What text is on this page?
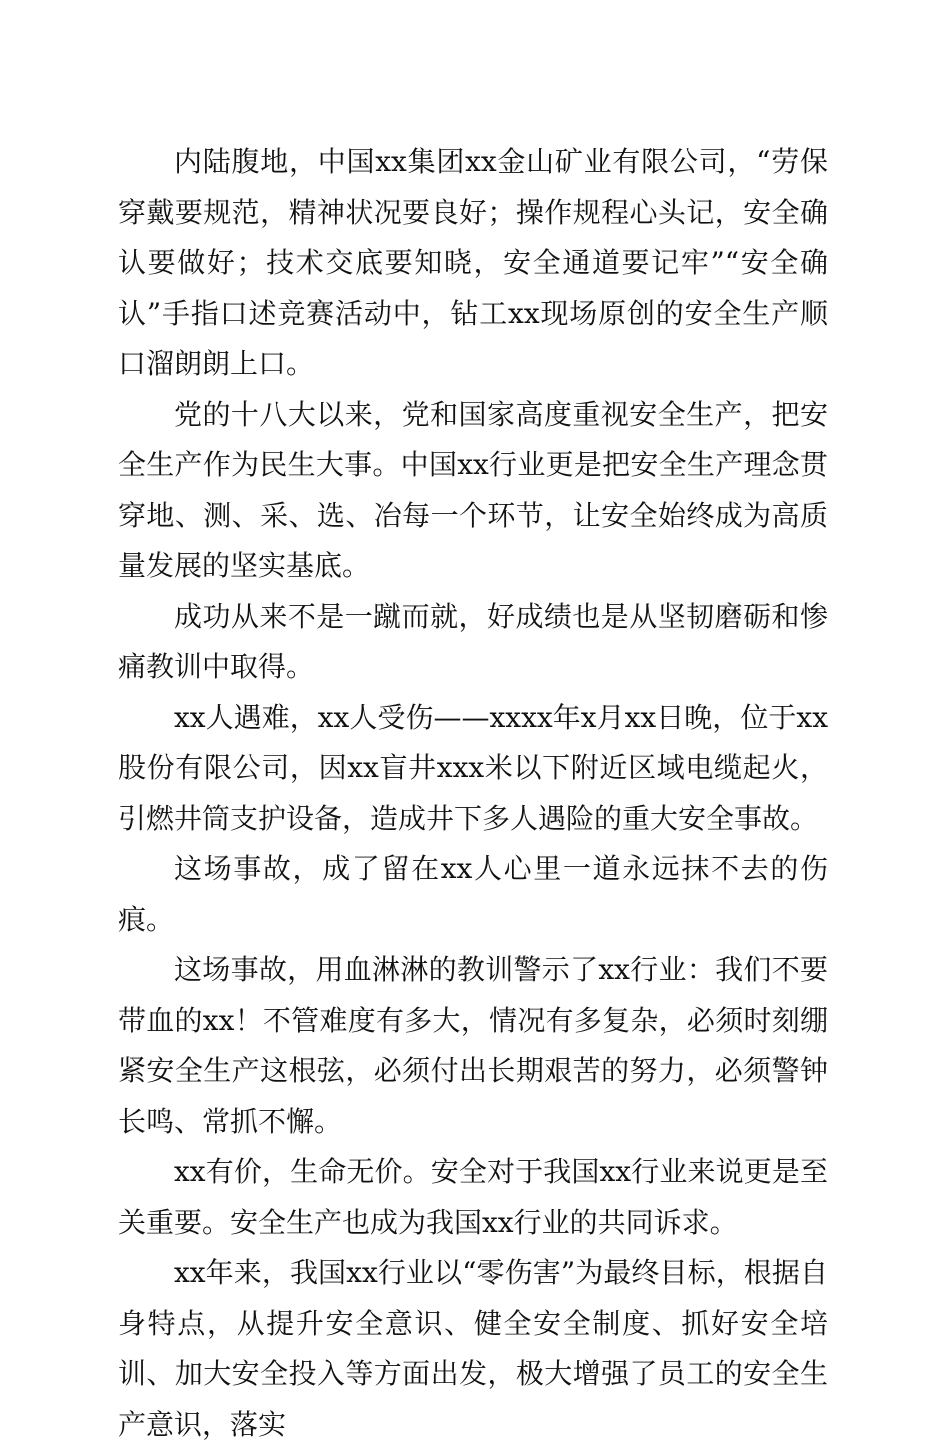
内陆腹地，中国xx集团xx金山矿业有限公司，“劳保穿戴要规范，精神状况要良好；操作规程心头记，安全确认要做好；技术交底要知晓，安全通道要记牢”“安全确认”手指口述竞赛活动中，钻工xx现场原创的安全生产顺口溜朗朗上口。

党的十八大以来，党和国家高度重视安全生产，把安全生产作为民生大事。中国xx行业更是把安全生产理念贯穿地、测、采、选、冶每一个环节，让安全始终成为高质量发展的坚实基底。

成功从来不是一蹴而就，好成绩也是从坚韧磨砺和惨痛教训中取得。

xx人遇难，xx人受伤——xxxx年x月xx日晚，位于xx股份有限公司，因xx盲井xxx米以下附近区域电缆起火，引燃井筒支护设备，造成井下多人遇险的重大安全事故。

这场事故，成了留在xx人心里一道永远抹不去的伤痕。

这场事故，用血淋淋的教训警示了xx行业：我们不要带血的xx！不管难度有多大，情况有多复杂，必须时刻绷紧安全生产这根弦，必须付出长期艰苦的努力，必须警钟长鸣、常抓不懈。

xx有价，生命无价。安全对于我国xx行业来说更是至关重要。安全生产也成为我国xx行业的共同诉求。

xx年来，我国xx行业以“零伤害”为最终目标，根据自身特点，从提升安全意识、健全安全制度、抓好安全培训、加大安全投入等方面出发，极大增强了员工的安全生产意识，落实
